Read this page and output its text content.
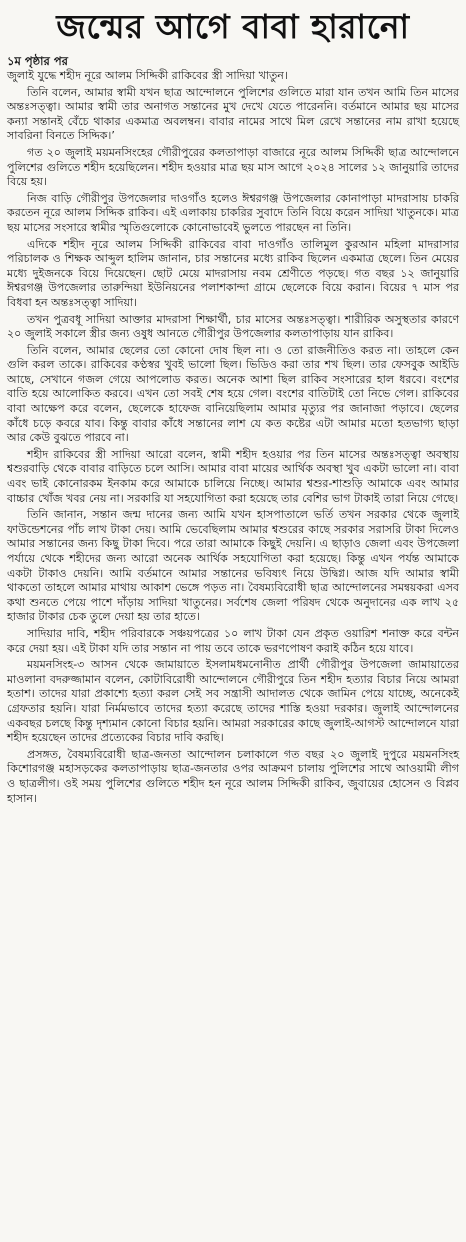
জন্মের আগে বাবা হারানো
১ম পৃষ্ঠার পর

জুলাই যুদ্ধে শহীদ নূরে আলম সিদ্দিকী রাকিবের স্ত্রী সাদিয়া খাতুন।

তিনি বলেন, আমার স্বামী যখন ছাত্র আন্দোলনে পুলিশের গুলিতে মারা যান তখন আমি তিন মাসের অন্তঃসত্ত্বা। আমার স্বামী তার অনাগত সন্তানের মুখ দেখে যেতে পারেননি। বর্তমানে আমার ছয় মাসের কন্যা সন্তানই বেঁচে থাকার একমাত্র অবলম্বন। বাবার নামের সাথে মিল রেখে সন্তানের নাম রাখা হয়েছে সাবরিনা বিনতে সিদ্দিক।’

গত ২০ জুলাই ময়মনসিংহের গৌরীপুরের কলতাপাড়া বাজারে নূরে আলম সিদ্দিকী ছাত্র আন্দোলনে পুলিশের গুলিতে শহীদ হয়েছিলেন। শহীদ হওয়ার মাত্র ছয় মাস আগে ২০২৪ সালের ১২ জানুয়ারি তাদের বিয়ে হয়।

নিজ বাড়ি গৌরীপুর উপজেলার দাওগাঁও হলেও ঈশ্বরগঞ্জ উপজেলার কোনাপাড়া মাদরাসায় চাকরি করতেন নূরে আলম সিদ্দিক রাকিব। এই এলাকায় চাকরির সুবাদে তিনি বিয়ে করেন সাদিয়া খাতুনকে। মাত্র ছয় মাসের সংসারে স্বামীর স্মৃতিগুলোকে কোনোভাবেই ভুলতে পারছেন না তিনি।

এদিকে শহীদ নূরে আলম সিদ্দিকী রাকিবের বাবা দাওগাঁও তালিমুল কুরআন মহিলা মাদরাসার পরিচালক ও শিক্ষক আব্দুল হালিম জানান, চার সন্তানের মধ্যে রাকিব ছিলেন একমাত্র ছেলে। তিন মেয়ের মধ্যে দুইজনকে বিয়ে দিয়েছেন। ছোট মেয়ে মাদরাসায় নবম শ্রেণীতে পড়ছে। গত বছর ১২ জানুয়ারি ঈশ্বরগঞ্জ উপজেলার তারুন্দিয়া ইউনিয়নের পলাশকান্দা গ্রামে ছেলেকে বিয়ে করান। বিয়ের ৭ মাস পর বিধবা হন অন্তঃসত্ত্বা সাদিয়া।

তখন পুত্রবধূ সাদিয়া আক্তার মাদরাসা শিক্ষার্থী, চার মাসের অন্তঃসত্ত্বা। শারীরিক অসুস্থতার কারণে ২০ জুলাই সকালে স্ত্রীর জন্য ওষুধ আনতে গৌরীপুর উপজেলার কলতাপাড়ায় যান রাকিব।

তিনি বলেন, আমার ছেলের তো কোনো দোষ ছিল না। ও তো রাজনীতিও করত না। তাহলে কেন গুলি করল তাকে। রাকিবের কণ্ঠস্বর খুবই ভালো ছিল। ভিডিও করা তার শখ ছিল। তার ফেসবুক আইডি আছে, সেখানে গজল গেয়ে আপলোড করত। অনেক আশা ছিল রাকিব সংসারের হাল ধরবে। বংশের বাতি হয়ে আলোকিত করবে। এখন তো সবই শেষ হয়ে গেল। বংশের বাতিটাই তো নিভে গেল। রাকিবের বাবা আক্ষেপ করে বলেন, ছেলেকে হাফেজ বানিয়েছিলাম আমার মৃত্যুর পর জানাজা পড়াবে। ছেলের কাঁধে চড়ে কবরে যাব। কিন্তু বাবার কাঁধে সন্তানের লাশ যে কত কষ্টের এটা আমার মতো হতভাগ্য ছাড়া আর কেউ বুঝতে পারবে না।

শহীদ রাকিবের স্ত্রী সাদিয়া আরো বলেন, স্বামী শহীদ হওয়ার পর তিন মাসের অন্তঃসত্ত্বা অবস্থায় শ্বশুরবাড়ি থেকে বাবার বাড়িতে চলে আসি। আমার বাবা মায়ের আর্থিক অবস্থা খুব একটা ভালো না। বাবা এবং ভাই কোনোরকম ইনকাম করে আমাকে চালিয়ে নিচ্ছে। আমার শ্বশুর-শাশুড়ি আমাকে এবং আমার বাচ্চার খোঁজ খবর নেয় না। সরকারি যা সহযোগিতা করা হয়েছে তার বেশির ভাগ টাকাই তারা নিয়ে গেছে।

তিনি জানান, সন্তান জন্ম দানের জন্য আমি যখন হাসপাতালে ভর্তি তখন সরকার থেকে জুলাই ফাউন্ডেশনের পাঁচ লাখ টাকা দেয়। আমি ভেবেছিলাম আমার শ্বশুরের কাছে সরকার সরাসরি টাকা দিলেও আমার সন্তানের জন্য কিছু টাকা দিবে। পরে তারা আমাকে কিছুই দেয়নি। এ ছাড়াও জেলা এবং উপজেলা পর্যায়ে থেকে শহীদের জন্য আরো অনেক আর্থিক সহযোগিতা করা হয়েছে। কিন্তু এখন পর্যন্ত আমাকে একটা টাকাও দেয়নি। আমি বর্তমানে আমার সন্তানের ভবিষ্যৎ নিয়ে উদ্বিগ্ন। আজ যদি আমার স্বামী থাকতো তাহলে আমার মাথায় আকাশ ভেঙ্গে পড়ত না। বৈষম্যবিরোধী ছাত্র আন্দোলনের সমন্বয়করা এসব কথা শুনতে পেয়ে পাশে দাঁড়ায় সাদিয়া খাতুনের। সর্বশেষ জেলা পরিষদ থেকে অনুদানের এক লাখ ২৫ হাজার টাকার চেক তুলে দেয়া হয় তার হাতে।

সাদিয়ার দাবি, শহীদ পরিবারকে সঞ্চয়পত্রের ১০ লাখ টাকা যেন প্রকৃত ওয়ারিশ শনাক্ত করে বন্টন করে দেয়া হয়। এই টাকা যদি তার সন্তান না পায় তবে তাকে ভরণপোষণ করাই কঠিন হয়ে যাবে।

ময়মনসিংহ-৩ আসন থেকে জামায়াতে ইসলামধমনোনীত প্রার্থী গৌরীপুর উপজেলা জামায়াতের মাওলানা বদরুজ্জামান বলেন, কোটাবিরোধী আন্দোলনে গৌরীপুরে তিন শহীদ হত্যার বিচার নিয়ে আমরা হতাশ। তাদের যারা প্রকাশ্যে হত্যা করল সেই সব সন্ত্রাসী আদালত থেকে জামিন পেয়ে যাচ্ছে, অনেকেই গ্রেফতার হয়নি। যারা নির্মমভাবে তাদের হত্যা করেছে তাদের শাস্তি হওয়া দরকার। জুলাই আন্দোলনের একবছর চলছে কিন্তু দৃশ্যমান কোনো বিচার হয়নি। আমরা সরকারের কাছে জুলাই-আগস্ট আন্দোলনে যারা শহীদ হয়েছেন তাদের প্রত্যেকের বিচার দাবি করছি।

প্রসঙ্গত, বৈষম্যবিরোধী ছাত্র-জনতা আন্দোলন চলাকালে গত বছর ২০ জুলাই দুপুরে ময়মনসিংহ কিশোরগঞ্জ মহাসড়কের কলতাপাড়ায় ছাত্র-জনতার ওপর আক্রমণ চালায় পুলিশের সাথে আওয়ামী লীগ ও ছাত্রলীগ। ওই সময় পুলিশের গুলিতে শহীদ হন নূরে আলম সিদ্দিকী রাকিব, জুবায়ের হোসেন ও বিপ্লব হাসান।
